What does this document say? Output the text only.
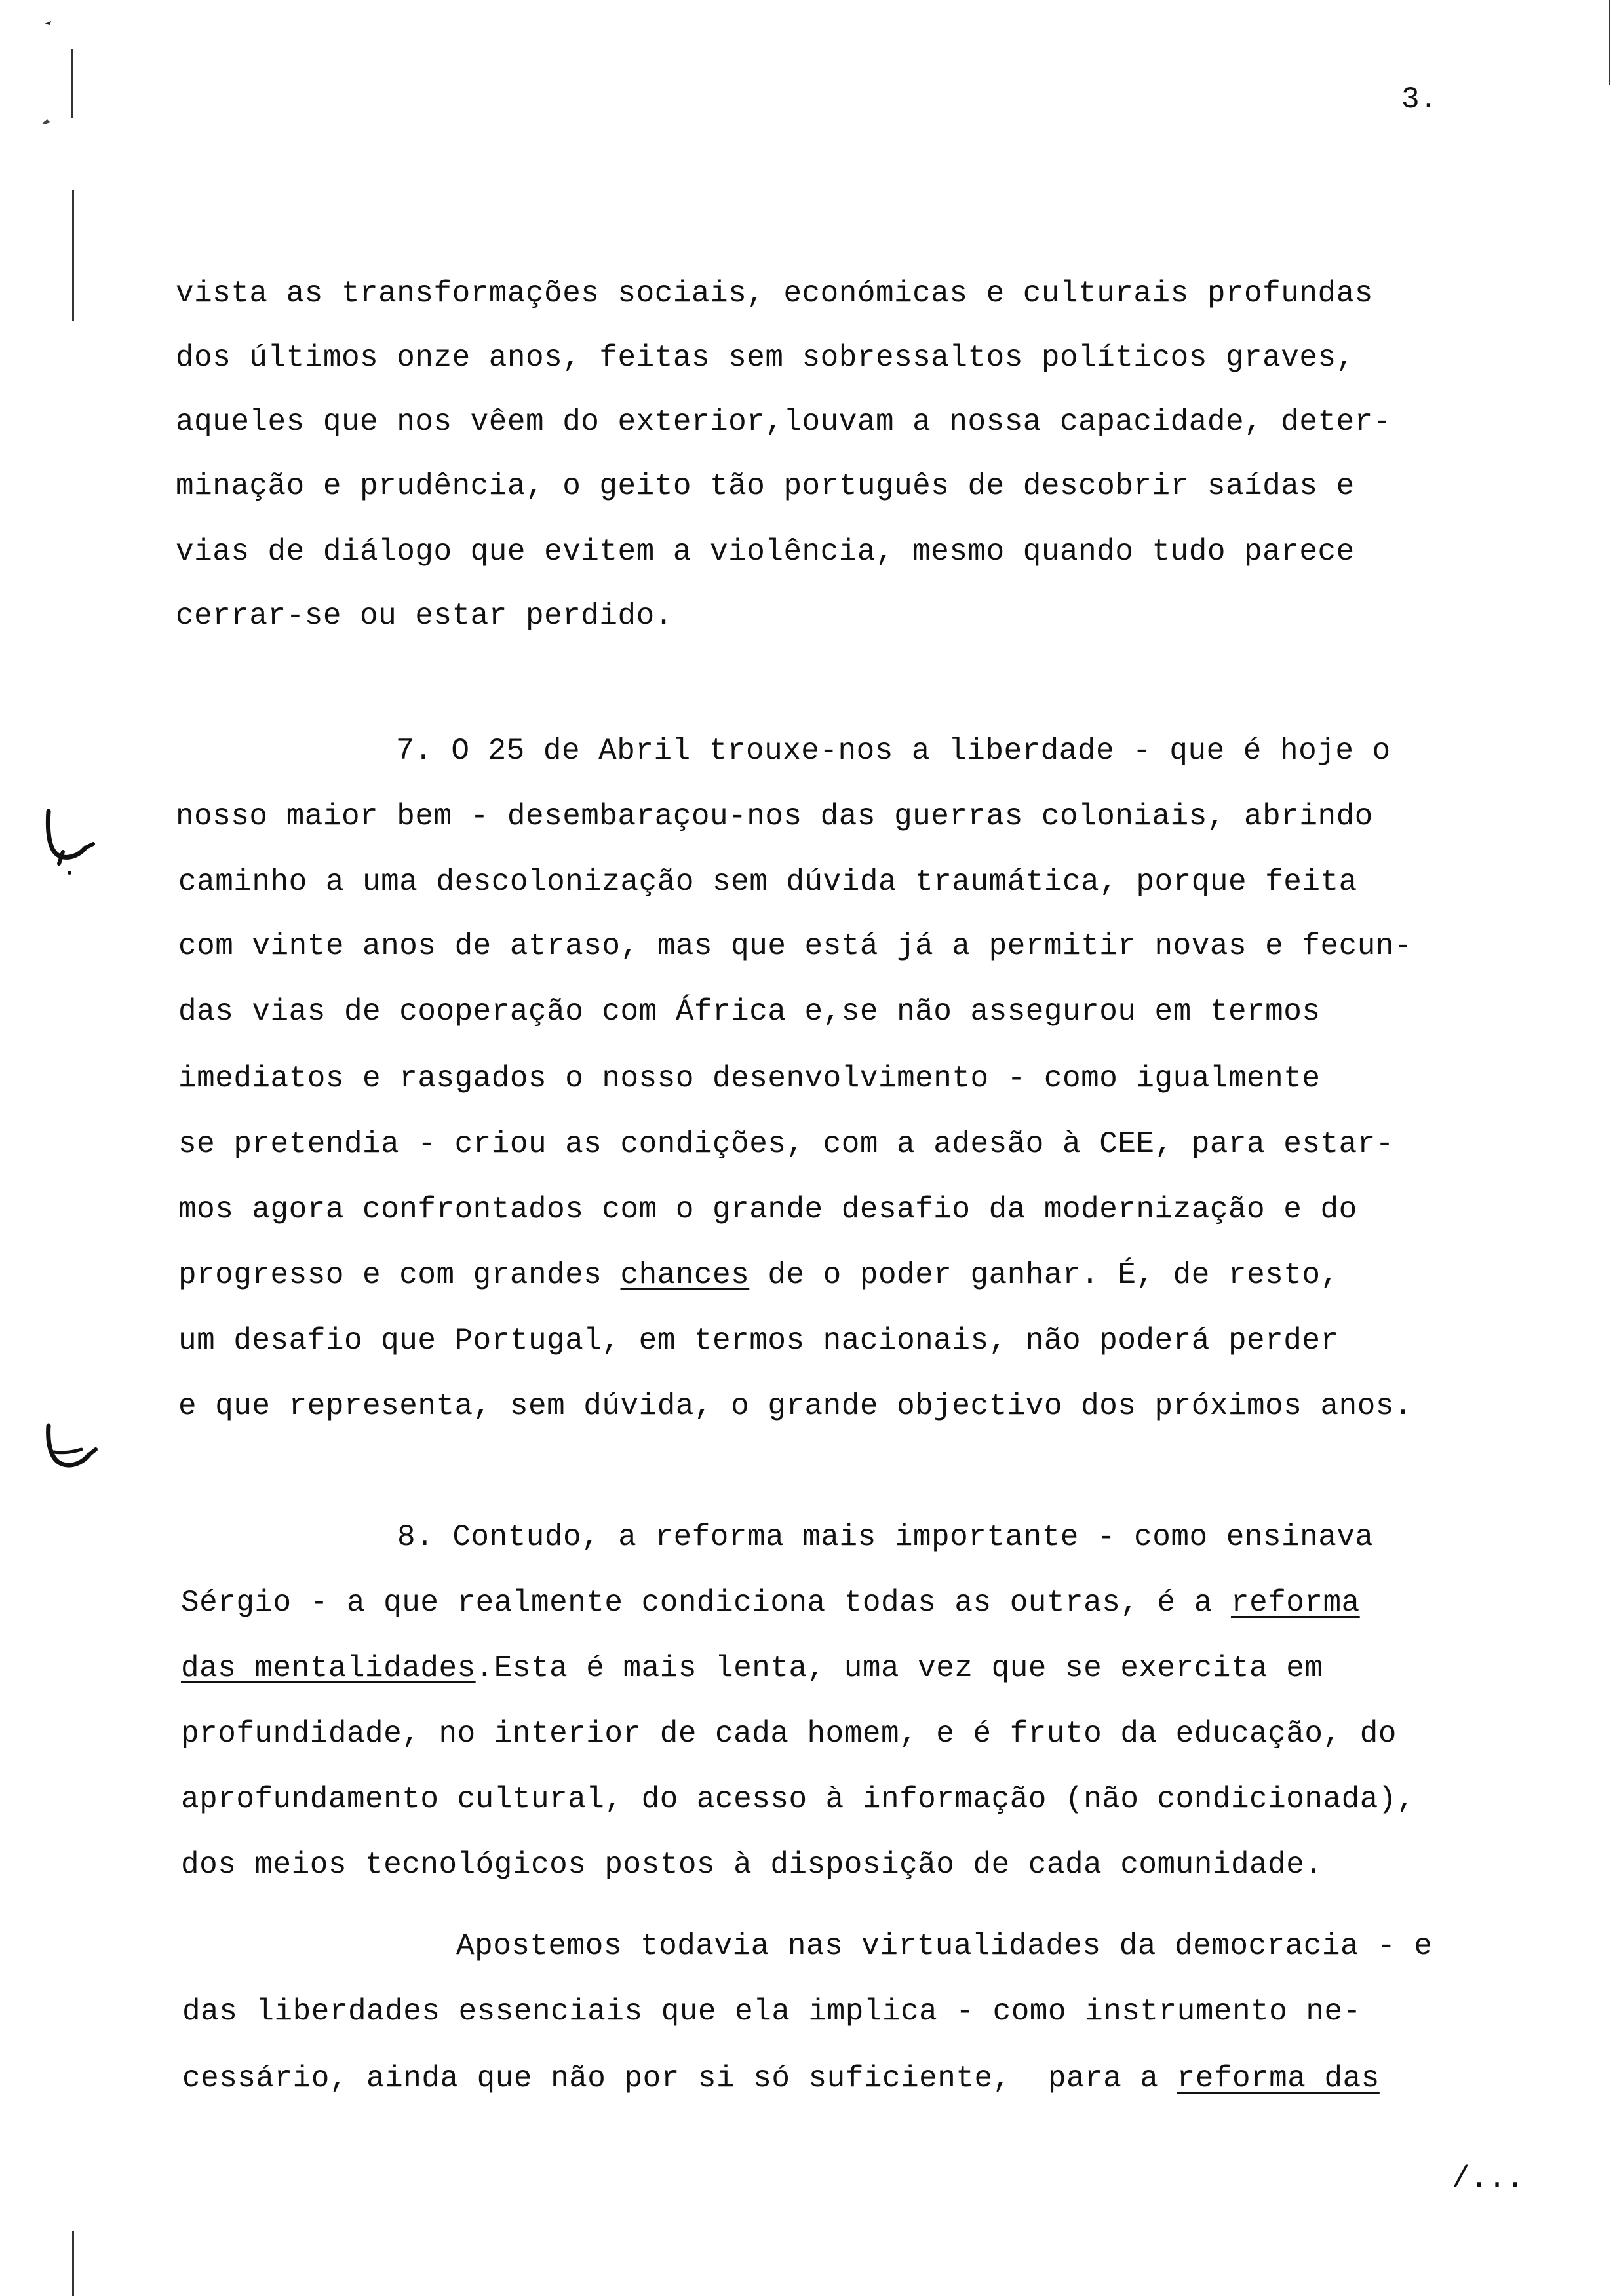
3.
vista as transformações sociais, económicas e culturais profundas
dos últimos onze anos, feitas sem sobressaltos políticos graves,
aqueles que nos vêem do exterior,louvam a nossa capacidade, deter-
minação e prudência, o geito tão português de descobrir saídas e
vias de diálogo que evitem a violência, mesmo quando tudo parece
cerrar-se ou estar perdido.
7. O 25 de Abril trouxe-nos a liberdade - que é hoje o
nosso maior bem - desembaraçou-nos das guerras coloniais, abrindo
caminho a uma descolonização sem dúvida traumática, porque feita
com vinte anos de atraso, mas que está já a permitir novas e fecun-
das vias de cooperação com África e,se não assegurou em termos
imediatos e rasgados o nosso desenvolvimento - como igualmente
se pretendia - criou as condições, com a adesão à CEE, para estar-
mos agora confrontados com o grande desafio da modernização e do
progresso e com grandes chances de o poder ganhar. É, de resto,
um desafio que Portugal, em termos nacionais, não poderá perder
e que representa, sem dúvida, o grande objectivo dos próximos anos.
8. Contudo, a reforma mais importante - como ensinava
Sérgio - a que realmente condiciona todas as outras, é a reforma
das mentalidades.Esta é mais lenta, uma vez que se exercita em
profundidade, no interior de cada homem, e é fruto da educação, do
aprofundamento cultural, do acesso à informação (não condicionada),
dos meios tecnológicos postos à disposição de cada comunidade.
Apostemos todavia nas virtualidades da democracia - e
das liberdades essenciais que ela implica - como instrumento ne-
cessário, ainda que não por si só suficiente,  para a reforma das
/...
